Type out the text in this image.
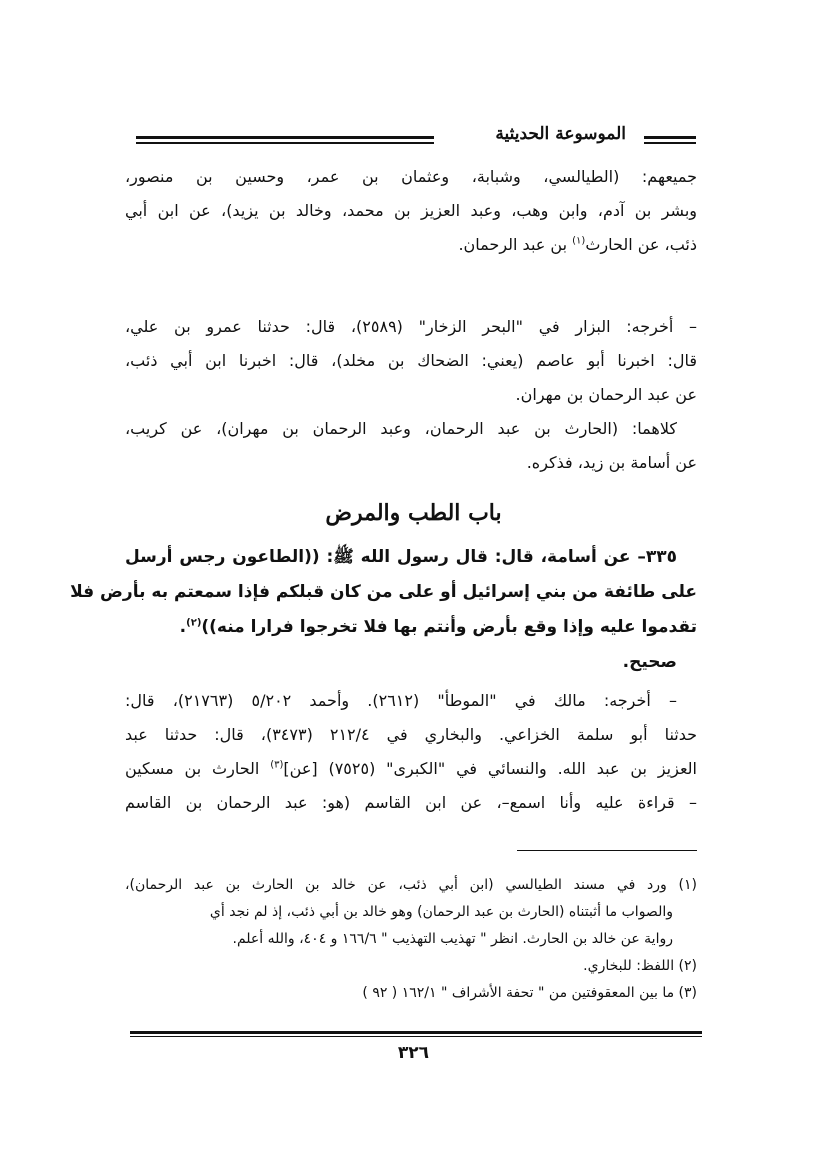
الموسوعة الحديثية
جميعهم: (الطيالسي، وشبابة، وعثمان بن عمر، وحسين بن منصور،
وبشر بن آدم، وابن وهب، وعبد العزيز بن محمد، وخالد بن يزيد)، عن ابن أبي
ذئب، عن الحارث$^{(١)}$ بن عبد الرحمان.
– أخرجه: البزار في "البحر الزخار" (٢٥٨٩)، قال: حدثنا عمرو بن علي،
قال: اخبرنا أبو عاصم (يعني: الضحاك بن مخلد)، قال: اخبرنا ابن أبي ذئب،
عن عبد الرحمان بن مهران.
كلاهما: (الحارث بن عبد الرحمان، وعبد الرحمان بن مهران)، عن كريب،
عن أسامة بن زيد، فذكره.
باب الطب والمرض
٣٣٥– عن أسامة، قال: قال رسول الله ﷺ: ((الطاعون رجس أرسل
على طائفة من بني إسرائيل أو على من كان قبلكم فإذا سمعتم به بأرض فلا
تقدموا عليه وإذا وقع بأرض وأنتم بها فلا تخرجوا فرارا منه))$^{(٢)}$.
صحيح.
– أخرجه: مالك في "الموطأ" (٢٦١٢). وأحمد ٥/٢٠٢ (٢١٧٦٣)، قال:
حدثنا أبو سلمة الخزاعي. والبخاري في ٢١٢/٤ (٣٤٧٣)، قال: حدثنا عبد
العزيز بن عبد الله. والنسائي في "الكبرى" (٧٥٢٥) [عن]$^{(٣)}$ الحارث بن مسكين
– قراءة عليه وأنا اسمع–، عن ابن القاسم (هو: عبد الرحمان بن القاسم
(١) ورد في مسند الطيالسي (ابن أبي ذئب، عن خالد بن الحارث بن عبد الرحمان)،
والصواب ما أثبتناه (الحارث بن عبد الرحمان) وهو خالد بن أبي ذئب، إذ لم نجد أي
رواية عن خالد بن الحارث. انظر " تهذيب التهذيب " ١٦٦/٦ و ٤٠٤، والله أعلم.
(٢) اللفظ: للبخاري.
(٣) ما بين المعقوفتين من " تحفة الأشراف " ١٦٢/١ ( ٩٢ )
٣٢٦
